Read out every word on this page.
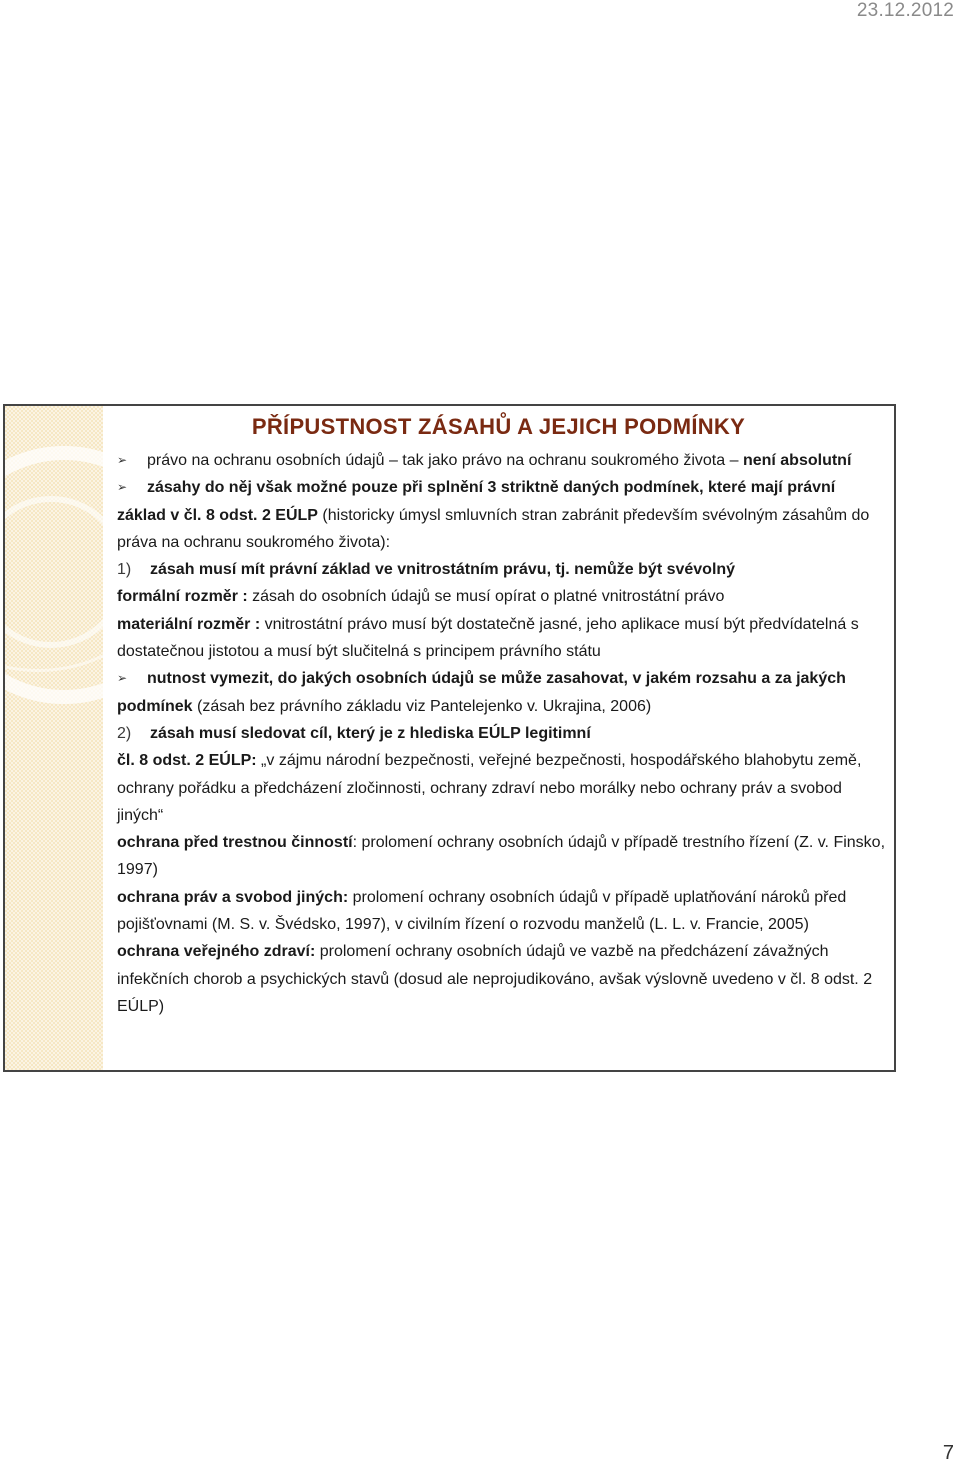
23.12.2012
PŘÍPUSTNOST ZÁSAHŮ A JEJICH PODMÍNKY

➢ právo na ochranu osobních údajů – tak jako právo na ochranu soukromého života – není absolutní

➢ zásahy do něj však možné pouze při splnění 3 striktně daných podmínek, které mají právní základ v čl. 8 odst. 2 EÚLP (historicky úmysl smluvních stran zabránit především svévolným zásahům do práva na ochranu soukromého života):

1) zásah musí mít právní základ ve vnitrostátním právu, tj. nemůže být svévolný

formální rozměr : zásah do osobních údajů se musí opírat o platné vnitrostátní právo

materiální rozměr : vnitrostátní právo musí být dostatečně jasné, jeho aplikace musí být předvídatelná s dostatečnou jistotou a musí být slučitelná s principem právního státu

➢ nutnost vymezit, do jakých osobních údajů se může zasahovat, v jakém rozsahu a za jakých podmínek (zásah bez právního základu viz Pantelejenko v. Ukrajina, 2006)

2) zásah musí sledovat cíl, který je z hlediska EÚLP legitimní

čl. 8 odst. 2 EÚLP: „v zájmu národní bezpečnosti, veřejné bezpečnosti, hospodářského blahobytu země, ochrany pořádku a předcházení zločinnosti, ochrany zdraví nebo morálky nebo ochrany práv a svobod jiných“

ochrana před trestnou činností: prolomení ochrany osobních údajů v případě trestního řízení (Z. v. Finsko, 1997)

ochrana práv a svobod jiných: prolomení ochrany osobních údajů v případě uplatňování nároků před pojišťovnami (M. S. v. Švédsko, 1997), v civilním řízení o rozvodu manželů (L. L. v. Francie, 2005)

ochrana veřejného zdraví: prolomení ochrany osobních údajů ve vazbě na předcházení závažných infekčních chorob a psychických stavů (dosud ale neprojudikováno, avšak výslovně uvedeno v čl. 8 odst. 2 EÚLP)

7
